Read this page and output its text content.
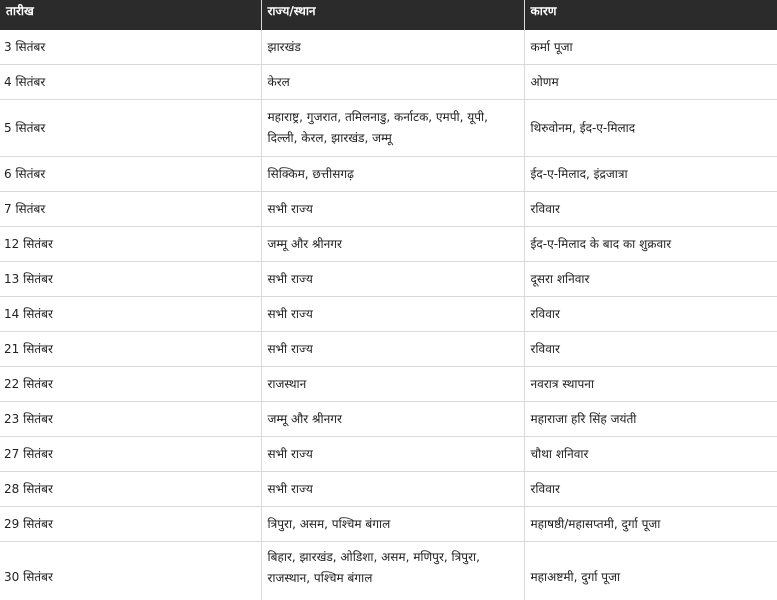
तारीख	राज्य/स्थान	कारण
3 सितंबर	झारखंड	कर्मा पूजा
4 सितंबर	केरल	ओणम
5 सितंबर	महाराष्ट्र, गुजरात, तमिलनाडु, कर्नाटक, एमपी, यूपी, दिल्ली, केरल, झारखंड, जम्मू	थिरुवोनम, ईद-ए-मिलाद
6 सितंबर	सिक्किम, छत्तीसगढ़	ईद-ए-मिलाद, इंद्रजात्रा
7 सितंबर	सभी राज्य	रविवार
12 सितंबर	जम्मू और श्रीनगर	ईद-ए-मिलाद के बाद का शुक्रवार
13 सितंबर	सभी राज्य	दूसरा शनिवार
14 सितंबर	सभी राज्य	रविवार
21 सितंबर	सभी राज्य	रविवार
22 सितंबर	राजस्थान	नवरात्र स्थापना
23 सितंबर	जम्मू और श्रीनगर	महाराजा हरि सिंह जयंती
27 सितंबर	सभी राज्य	चौथा शनिवार
28 सितंबर	सभी राज्य	रविवार
29 सितंबर	त्रिपुरा, असम, पश्चिम बंगाल	महाषष्ठी/महासप्तमी, दुर्गा पूजा
30 सितंबर	बिहार, झारखंड, ओडिशा, असम, मणिपुर, त्रिपुरा, राजस्थान, पश्चिम बंगाल	महाअष्टमी, दुर्गा पूजा
